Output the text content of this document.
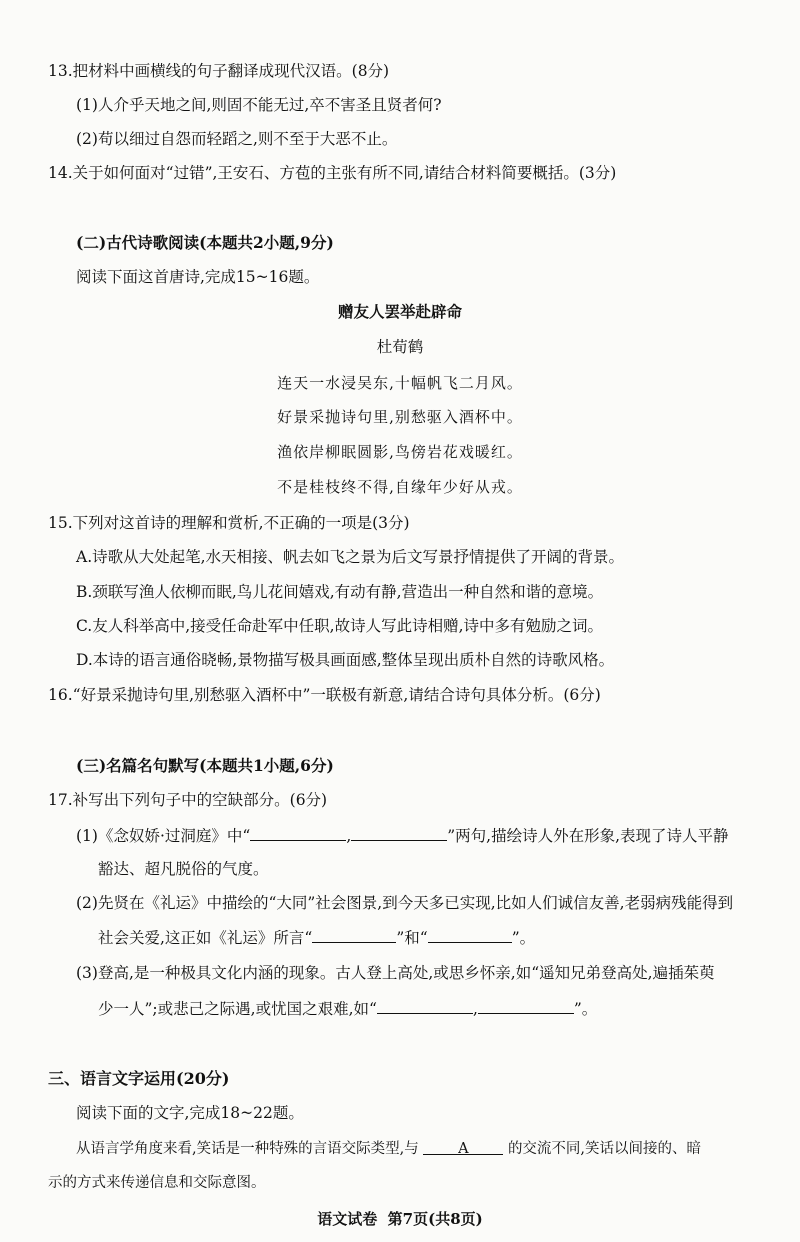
13.把材料中画横线的句子翻译成现代汉语。(8分)
(1)人介乎天地之间,则固不能无过,卒不害圣且贤者何?
(2)苟以细过自怨而轻蹈之,则不至于大恶不止。
14.关于如何面对“过错”,王安石、方苞的主张有所不同,请结合材料简要概括。(3分)
(二)古代诗歌阅读(本题共2小题,9分)
阅读下面这首唐诗,完成15~16题。
赠友人罢举赴辟命
杜荀鹤
连天一水浸吴东,十幅帆飞二月风。
好景采抛诗句里,别愁驱入酒杯中。
渔依岸柳眠圆影,鸟傍岩花戏暖红。
不是桂枝终不得,自缘年少好从戎。
15.下列对这首诗的理解和赏析,不正确的一项是(3分)
A.诗歌从大处起笔,水天相接、帆去如飞之景为后文写景抒情提供了开阔的背景。
B.颈联写渔人依柳而眠,鸟儿花间嬉戏,有动有静,营造出一种自然和谐的意境。
C.友人科举高中,接受任命赴军中任职,故诗人写此诗相赠,诗中多有勉励之词。
D.本诗的语言通俗晓畅,景物描写极具画面感,整体呈现出质朴自然的诗歌风格。
16.“好景采抛诗句里,别愁驱入酒杯中”一联极有新意,请结合诗句具体分析。(6分)
(三)名篇名句默写(本题共1小题,6分)
17.补写出下列句子中的空缺部分。(6分)
(1)《念奴娇·过洞庭》中“	,	”两句,描绘诗人外在形象,表现了诗人平静
豁达、超凡脱俗的气度。
(2)先贤在《礼运》中描绘的“大同”社会图景,到今天多已实现,比如人们诚信友善,老弱病残能得到
社会关爱,这正如《礼运》所言“	”和“	”。
(3)登高,是一种极具文化内涵的现象。古人登上高处,或思乡怀亲,如“遥知兄弟登高处,遍插茱萸
少一人”;或悲己之际遇,或忧国之艰难,如“	,	”。
三、语言文字运用(20分)
阅读下面的文字,完成18~22题。
从语言学角度来看,笑话是一种特殊的言语交际类型,与	A	的交流不同,笑话以间接的、暗
示的方式来传递信息和交际意图。
语文试卷  第7页(共8页)
